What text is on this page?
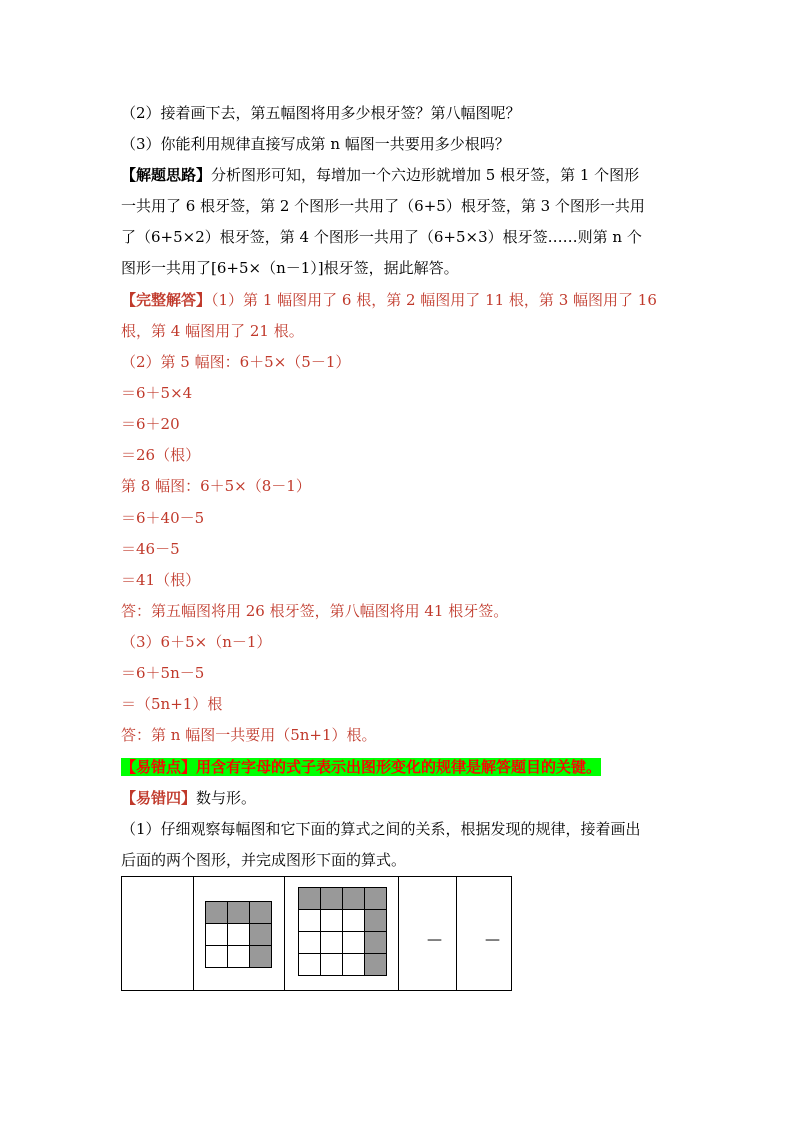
（2）接着画下去，第五幅图将用多少根牙签？第八幅图呢？
（3）你能利用规律直接写成第 n 幅图一共要用多少根吗？
【解题思路】分析图形可知，每增加一个六边形就增加 5 根牙签，第 1 个图形
一共用了 6 根牙签，第 2 个图形一共用了（6+5）根牙签，第 3 个图形一共用
了（6+5×2）根牙签，第 4 个图形一共用了（6+5×3）根牙签……则第 n 个
图形一共用了[6+5×（n－1）]根牙签，据此解答。
【完整解答】（1）第 1 幅图用了 6 根，第 2 幅图用了 11 根，第 3 幅图用了 16
根，第 4 幅图用了 21 根。
（2）第 5 幅图：6＋5×（5－1）
＝6＋5×4
＝6＋20
＝26（根）
第 8 幅图：6＋5×（8－1）
＝6＋40－5
＝46－5
＝41（根）
答：第五幅图将用 26 根牙签，第八幅图将用 41 根牙签。
（3）6＋5×（n－1）
＝6＋5n－5
＝（5n+1）根
答：第 n 幅图一共要用（5n+1）根。
【易错点】用含有字母的式子表示出图形变化的规律是解答题目的关键。
【易错四】数与形。
（1）仔细观察每幅图和它下面的算式之间的关系，根据发现的规律，接着画出
后面的两个图形，并完成图形下面的算式。

—	—
